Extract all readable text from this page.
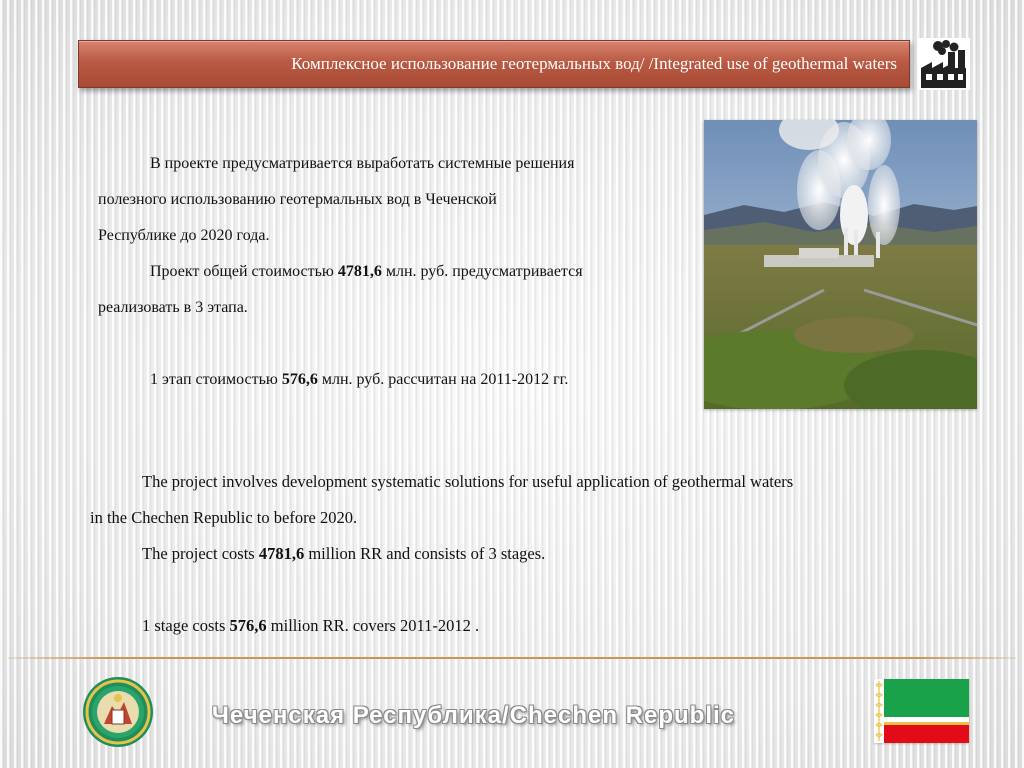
Комплексное использование геотермальных вод/ /Integrated use of geothermal waters

В проекте предусматривается выработать системные решения

полезного использованию геотермальных вод в Чеченской

Республике до 2020 года.

Проект общей стоимостью 4781,6 млн. руб. предусматривается

реализовать в 3 этапа.

1 этап стоимостью 576,6 млн. руб. рассчитан на 2011-2012 гг.

The project involves development systematic solutions for useful application of geothermal waters

in the Chechen Republic to before 2020.

The project costs 4781,6 million RR and consists of 3 stages.

1 stage costs 576,6 million RR. covers 2011-2012 .

Чеченская Республика/Chechen Republic
